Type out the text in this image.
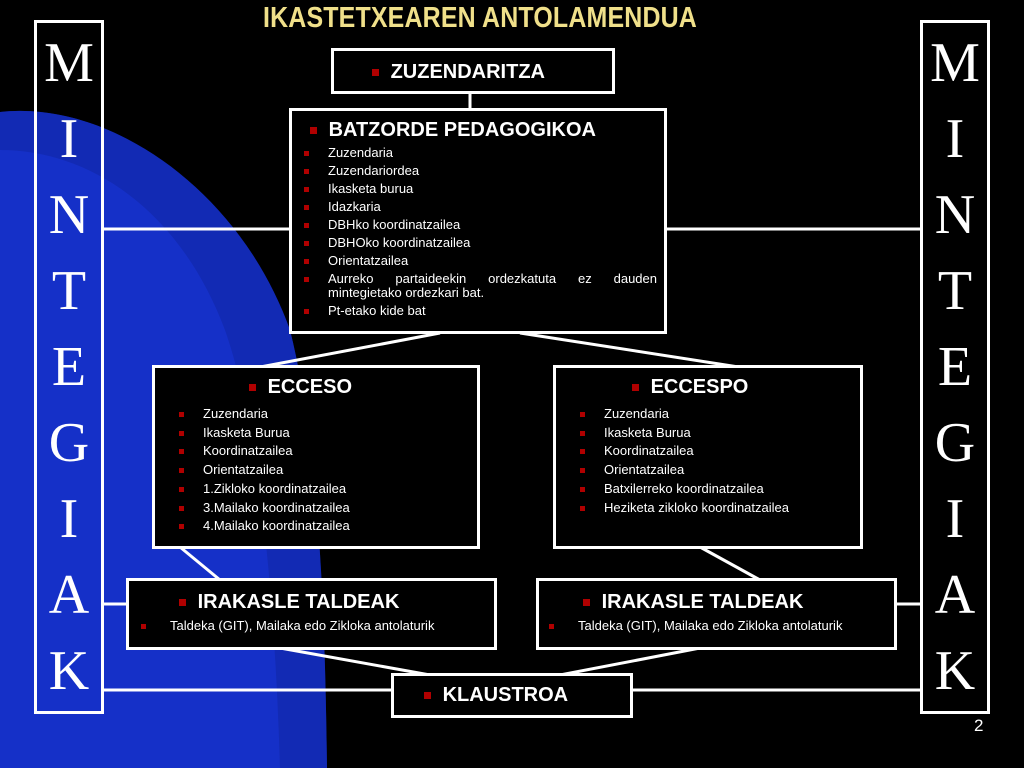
IKASTETXEAREN ANTOLAMENDUA
M
I
N
T
E
G
I
A
K
M
I
N
T
E
G
I
A
K
ZUZENDARITZA
BATZORDE PEDAGOGIKOA
Zuzendaria
Zuzendariordea
Ikasketa burua
Idazkaria
DBHko koordinatzailea
DBHOko koordinatzailea
Orientatzailea
Aurreko partaideekin ordezkatuta ez dauden mintegietako ordezkari bat.
Pt-etako kide bat
ECCESO
Zuzendaria
Ikasketa Burua
Koordinatzailea
Orientatzailea
1.Zikloko koordinatzailea
3.Mailako koordinatzailea
4.Mailako koordinatzailea
ECCESPO
Zuzendaria
Ikasketa Burua
Koordinatzailea
Orientatzailea
Batxilerreko koordinatzailea
Heziketa zikloko koordinatzailea
IRAKASLE TALDEAK
Taldeka (GIT), Mailaka edo Zikloka antolaturik
IRAKASLE TALDEAK
Taldeka (GIT), Mailaka edo Zikloka antolaturik
KLAUSTROA
2
